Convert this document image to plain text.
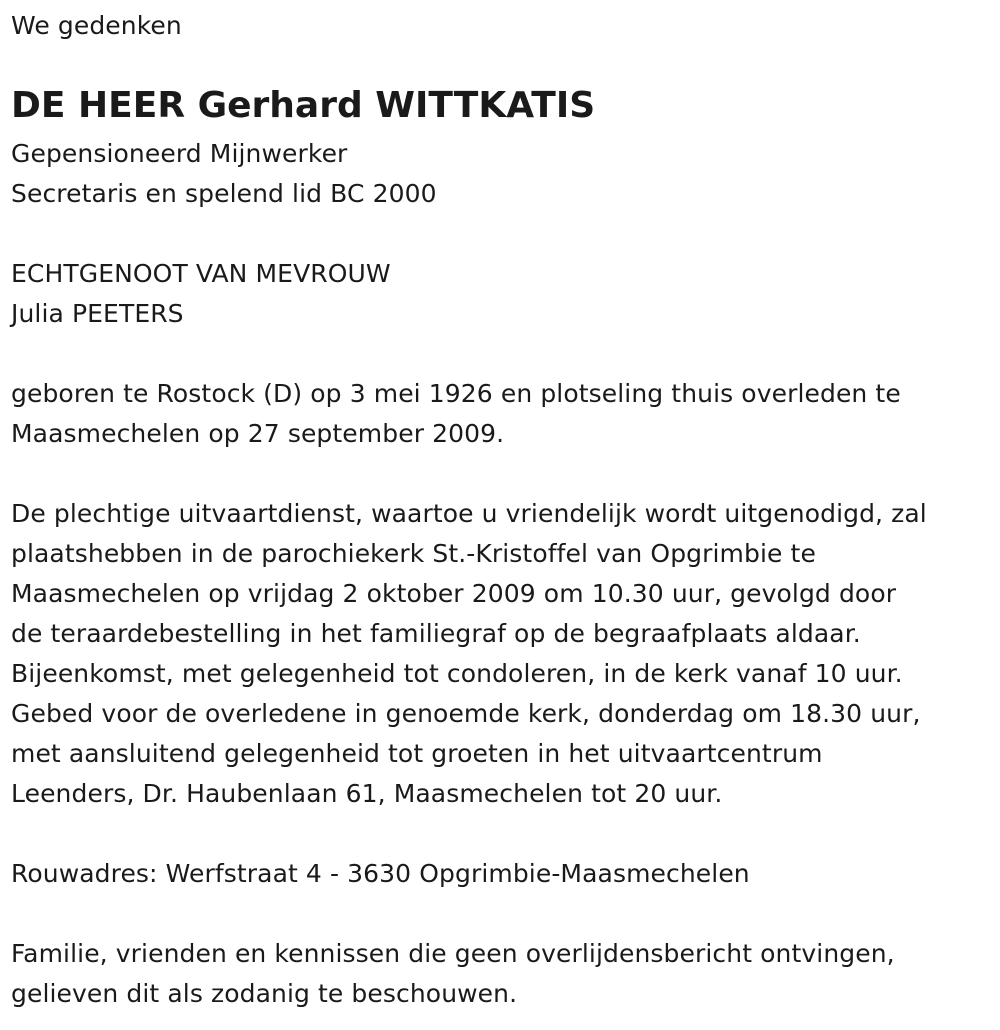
We gedenken
DE HEER Gerhard WITTKATIS
Gepensioneerd Mijnwerker
Secretaris en spelend lid BC 2000
ECHTGENOOT VAN MEVROUW
Julia PEETERS
geboren te Rostock (D) op 3 mei 1926 en plotseling thuis overleden te
Maasmechelen op 27 september 2009.
De plechtige uitvaartdienst, waartoe u vriendelijk wordt uitgenodigd, zal
plaatshebben in de parochiekerk St.-Kristoffel van Opgrimbie te
Maasmechelen op vrijdag 2 oktober 2009 om 10.30 uur, gevolgd door
de teraardebestelling in het familiegraf op de begraafplaats aldaar.
Bijeenkomst, met gelegenheid tot condoleren, in de kerk vanaf 10 uur.
Gebed voor de overledene in genoemde kerk, donderdag om 18.30 uur,
met aansluitend gelegenheid tot groeten in het uitvaartcentrum
Leenders, Dr. Haubenlaan 61, Maasmechelen tot 20 uur.
Rouwadres: Werfstraat 4 - 3630 Opgrimbie-Maasmechelen
Familie, vrienden en kennissen die geen overlijdensbericht ontvingen,
gelieven dit als zodanig te beschouwen.
